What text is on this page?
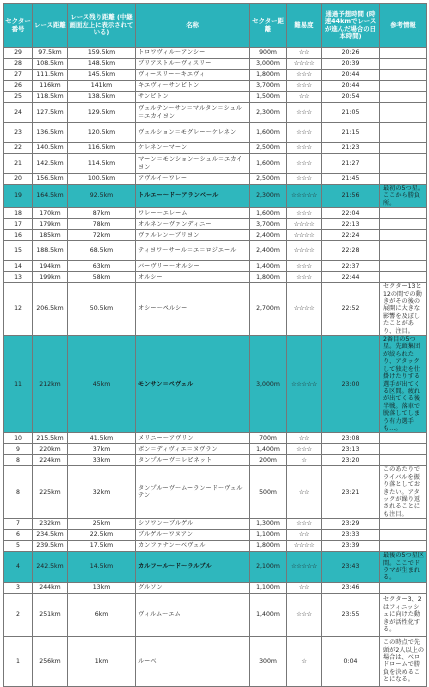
セクター番号	レース距離	レース残り距離 (中継画面左上に表示されている)	名称	セクター距離	難易度	通過予想時間 (時速44kmでレースが進んだ場合の日本時間)	参考情報
29	97.5km	159.5km	トロワヴィル〜アンシー	900m	☆☆	20:26	
28	108.5km	148.5km	ブリアストル〜ヴィスリー	3,000m	☆☆☆☆	20:39	
27	111.5km	145.5km	ヴィースリー〜キエヴィ	1,800m	☆☆☆	20:44	
26	116km	141km	キエヴィ〜サンピトン	3,700m	☆☆☆	20:44	
25	118.5km	138.5km	サンピトン	1,500m	☆☆	20:54	
24	127.5km	129.5km	ヴェルテン〜サン＝マルタン＝シュル＝エカイヨン	2,300m	☆☆☆	21:05	
23	136.5km	120.5km	ヴェルション＝モグレー〜ケレネン	1,600m	☆☆☆	21:15	
22	140.5km	116.5km	ケレネン〜マーン	2,500m	☆☆☆	21:23	
21	142.5km	114.5km	マーン＝モンション〜シュル＝エカイヨン	1,600m	☆☆☆	21:27	
20	156.5km	100.5km	アヴルイ〜ワレー	2,500m	☆☆☆	21:45	
19	164.5km	92.5km	トルエー〜ド〜アランベール	2,300m	☆☆☆☆☆	21:56	最初の5つ星。ここから勝負所。
18	170km	87km	ワレー〜エレーム	1,600m	☆☆☆	22:04	
17	179km	78km	オルネン〜ヴァンディニー	3,700m	☆☆☆☆	22:13	
16	185km	72km	ヴァルレン〜ブリヨン	2,400m	☆☆☆☆	22:24	
15	188.5km	68.5km	ティヨワ〜サール＝エ＝ロジエール	2,400m	☆☆☆☆	22:28	
14	194km	63km	バーヴリー〜オルシー	1,400m	☆☆☆	22:37	
13	199km	58km	オルシー	1,800m	☆☆☆	22:44	
12	206.5km	50.5km	オシー〜ペルシー	2,700m	☆☆☆☆	22:52	セクター13と12の間での動きがその後の展開に大きな影響を及ぼしたことがあり、注目。
11	212km	45km	モンサン＝ペヴェル	3,000m	☆☆☆☆☆	23:00	2番目の5つ星。先頭集団が絞られたり、アタックして独走を仕掛けたりする選手が出てくる区間。疲れが出てくる後半戦。落車で脱落してしまう有力選手も…。
10	215.5km	41.5km	メリニー〜アヴリン	700m	☆☆	23:08	
9	220km	37km	ボン＝ディヴィエ＝ヌヴラン	1,400m	☆☆☆	23:13	
8	224km	33km	タンプルーヴ＝レピネット	200m	☆	23:20	
8	225km	32km	タンプルーヴ〜ムーランード〜ヴェルテン	500m	☆☆	23:21	このあたりでライバルを振り落としておきたい。アタックが繰り返されることにも注目。
7	232km	25km	シソワン〜ブルゲル	1,300m	☆☆☆	23:29	
6	234.5km	22.5km	ブルゲル〜ワヌアン	1,100m	☆☆	23:33	
5	239.5km	17.5km	カンファナン〜ベヴェル	1,800m	☆☆☆☆	23:39	
4	242.5km	14.5km	カルフール〜ド〜ラルブル	2,100m	☆☆☆☆☆	23:43	最後の5つ星区間。ここでドラマが生まれる。
3	244km	13km	グルソン	1,100m	☆☆	23:46	
2	251km	6km	ヴィルム〜エム	1,400m	☆☆☆	23:55	セクター3、2はフィニッシュに向けた動きが活性化する。
1	256km	1km	ルーベ	300m	☆	0:04	この時点で先頭が2人以上の場合は、ベロドロームで勝負を決めることになる。
